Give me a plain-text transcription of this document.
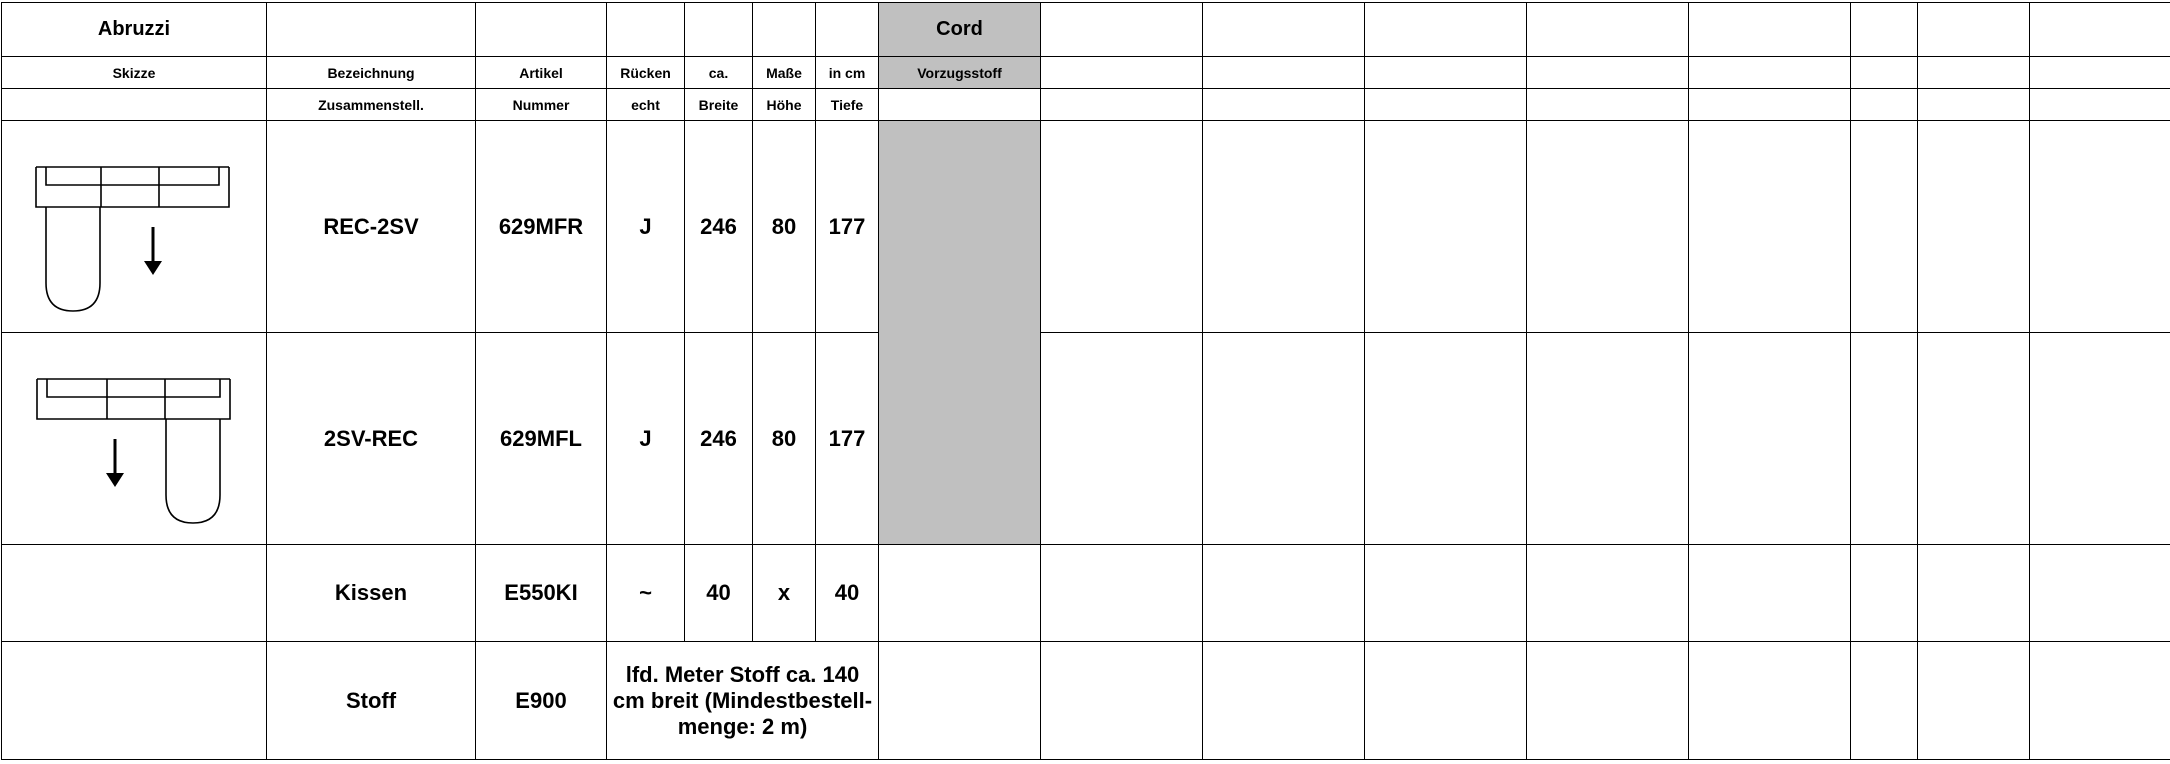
Abruzzi							Cord								
Skizze	Bezeichnung	Artikel	Rücken	ca.	Maße	in cm	Vorzugsstoff								
	Zusammenstell.	Nummer	echt	Breite	Höhe	Tiefe									

	REC-2SV	629MFR	J	246	80	177									

	2SV-REC	629MFL	J	246	80	177									
	Kissen	E550KI	~	40	x	40									
	Stoff	E900	lfd. Meter Stoff ca. 140 cm breit (Mindestbestell-menge: 2 m)												
